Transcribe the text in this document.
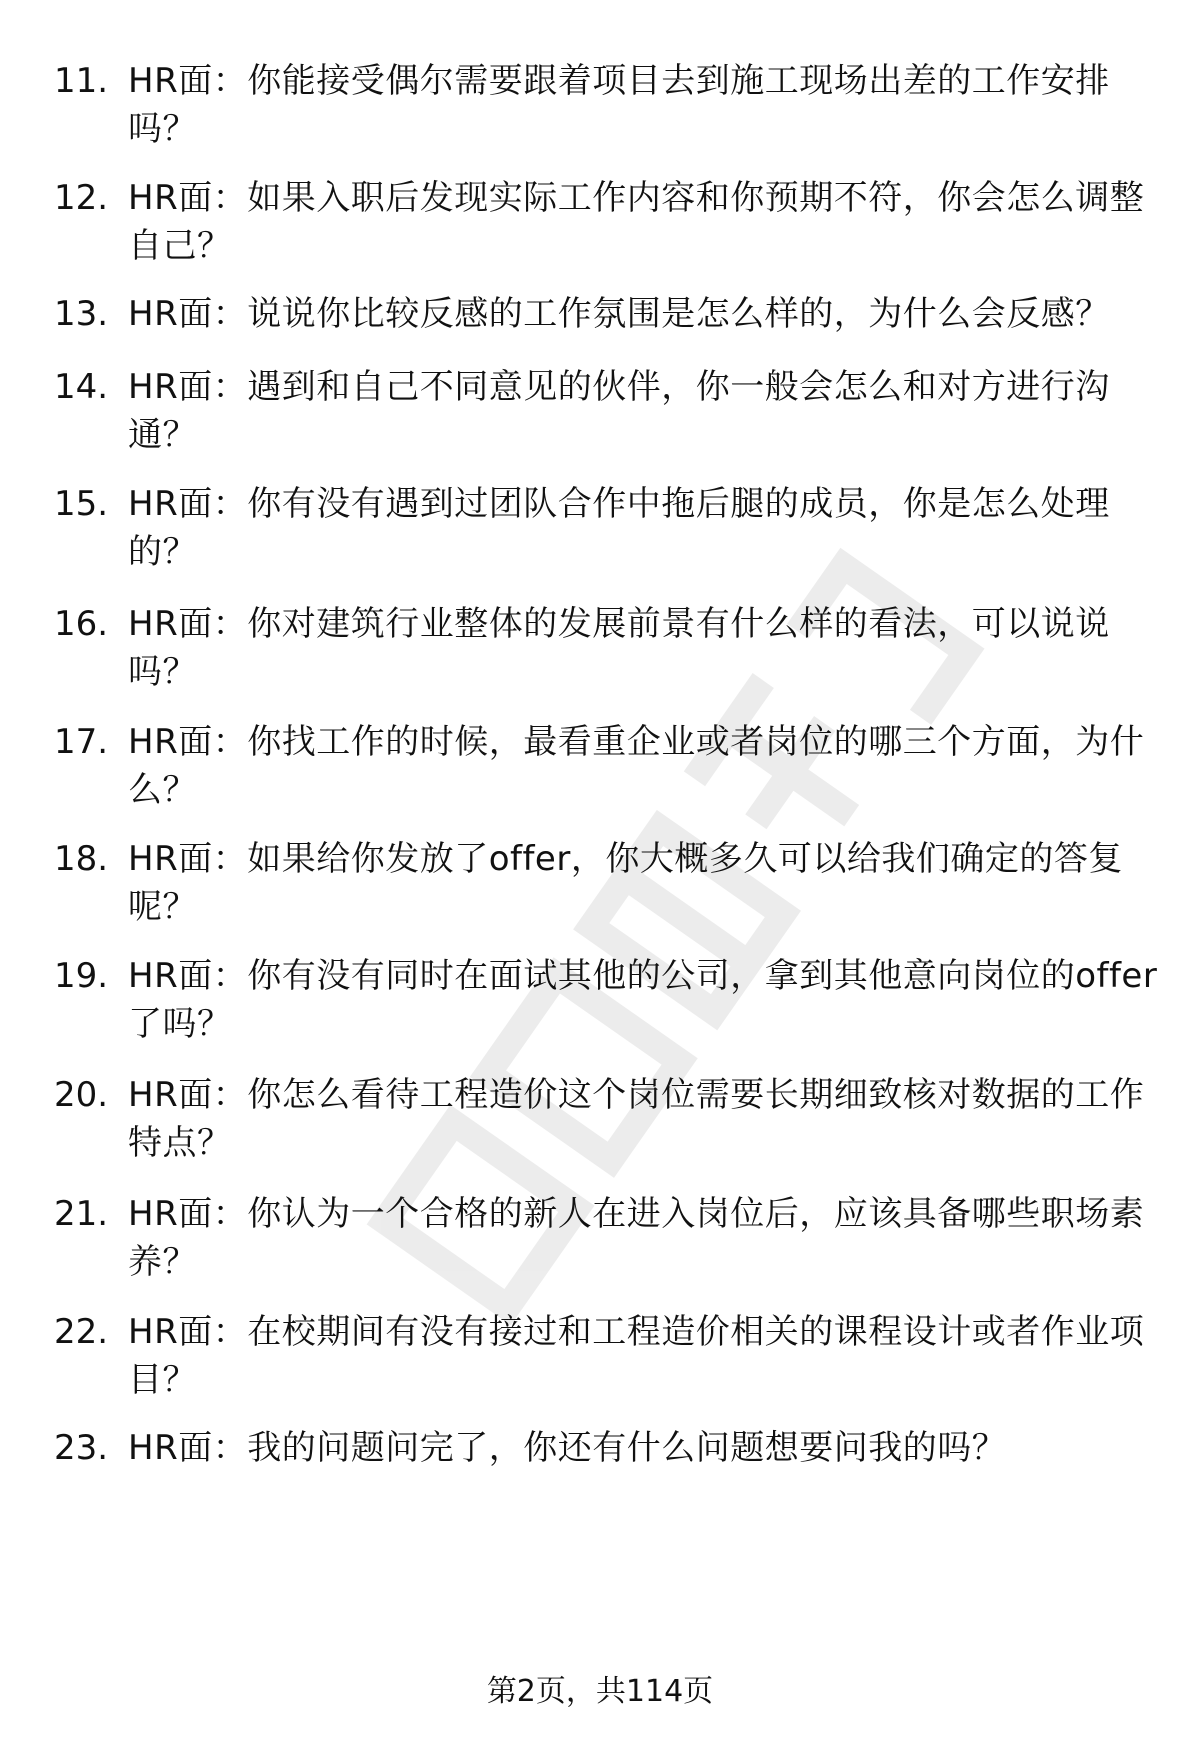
11. HR面：你能接受偶尔需要跟着项目去到施工现场出差的工作安排吗？
12. HR面：如果入职后发现实际工作内容和你预期不符，你会怎么调整自己？
13. HR面：说说你比较反感的工作氛围是怎么样的，为什么会反感？
14. HR面：遇到和自己不同意见的伙伴，你一般会怎么和对方进行沟通？
15. HR面：你有没有遇到过团队合作中拖后腿的成员，你是怎么处理的？
16. HR面：你对建筑行业整体的发展前景有什么样的看法，可以说说吗？
17. HR面：你找工作的时候，最看重企业或者岗位的哪三个方面，为什么？
18. HR面：如果给你发放了offer，你大概多久可以给我们确定的答复呢？
19. HR面：你有没有同时在面试其他的公司，拿到其他意向岗位的offer了吗？
20. HR面：你怎么看待工程造价这个岗位需要长期细致核对数据的工作特点？
21. HR面：你认为一个合格的新人在进入岗位后，应该具备哪些职场素养？
22. HR面：在校期间有没有接过和工程造价相关的课程设计或者作业项目？
23. HR面：我的问题问完了，你还有什么问题想要问我的吗？
第2页，共114页
